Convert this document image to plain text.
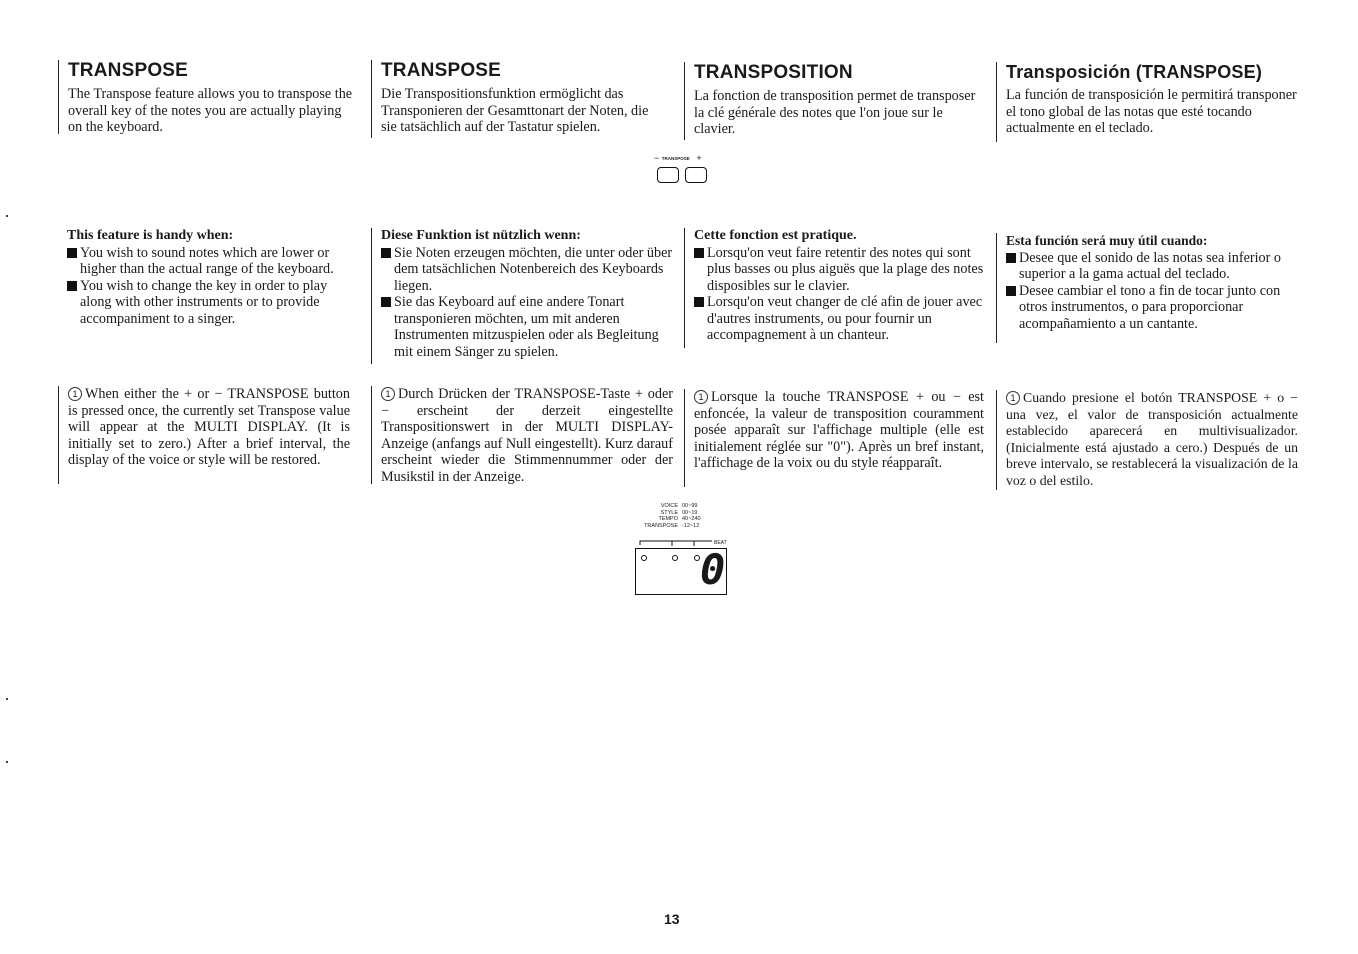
TRANSPOSE

The Transpose feature allows you to transpose the overall key of the notes you are actually playing on the keyboard.

This feature is handy when:

You wish to sound notes which are lower or higher than the actual range of the keyboard.

You wish to change the key in order to play along with other instruments or to provide accompaniment to a singer.

1 When either the + or − TRANSPOSE button is pressed once, the currently set Transpose value will appear at the MULTI DISPLAY. (It is initially set to zero.) After a brief interval, the display of the voice or style will be restored.

TRANSPOSE

Die Transpositionsfunktion ermöglicht das Transponieren der Gesamttonart der Noten, die sie tatsächlich auf der Tastatur spielen.

Diese Funktion ist nützlich wenn:

Sie Noten erzeugen möchten, die unter oder über dem tatsächlichen Notenbereich des Keyboards liegen.

Sie das Keyboard auf eine andere Tonart transponieren möchten, um mit anderen Instrumenten mitzuspielen oder als Begleitung mit einem Sänger zu spielen.

1 Durch Drücken der TRANSPOSE-Taste + oder − erscheint der derzeit eingestellte Transpositionswert in der MULTI DISPLAY-Anzeige (anfangs auf Null eingestellt). Kurz darauf erscheint wieder die Stimmennummer oder der Musikstil in der Anzeige.

TRANSPOSITION

La fonction de transposition permet de transposer la clé générale des notes que l'on joue sur le clavier.

Cette fonction est pratique.

Lorsqu'on veut faire retentir des notes qui sont plus basses ou plus aiguës que la plage des notes disposibles sur le clavier.

Lorsqu'on veut changer de clé afin de jouer avec d'autres instruments, ou pour fournir un accompagnement à un chanteur.

1 Lorsque la touche TRANSPOSE + ou − est enfoncée, la valeur de transposition couramment posée apparaît sur l'affichage multiple (elle est initialement réglée sur "0"). Après un bref instant, l'affichage de la voix ou du style réapparaît.

Transposición (TRANSPOSE)

La función de transposición le permitirá transponer el tono global de las notas que esté tocando actualmente en el teclado.

Esta función será muy útil cuando:

Desee que el sonido de las notas sea inferior o superior a la gama actual del teclado.

Desee cambiar el tono a fin de tocar junto con otros instrumentos, o para proporcionar acompañamiento a un cantante.

1 Cuando presione el botón TRANSPOSE + o − una vez, el valor de transposición actualmente establecido aparecerá en multivisualizador. (Inicialmente está ajustado a cero.) Después de un breve intervalo, se restablecerá la visualización de la voz o del estilo.

− TRANSPOSE +
VOICE 00~99
STYLE 00~19
TEMPO 40~240
TRANSPOSE -12~12
BEAT
0
13
